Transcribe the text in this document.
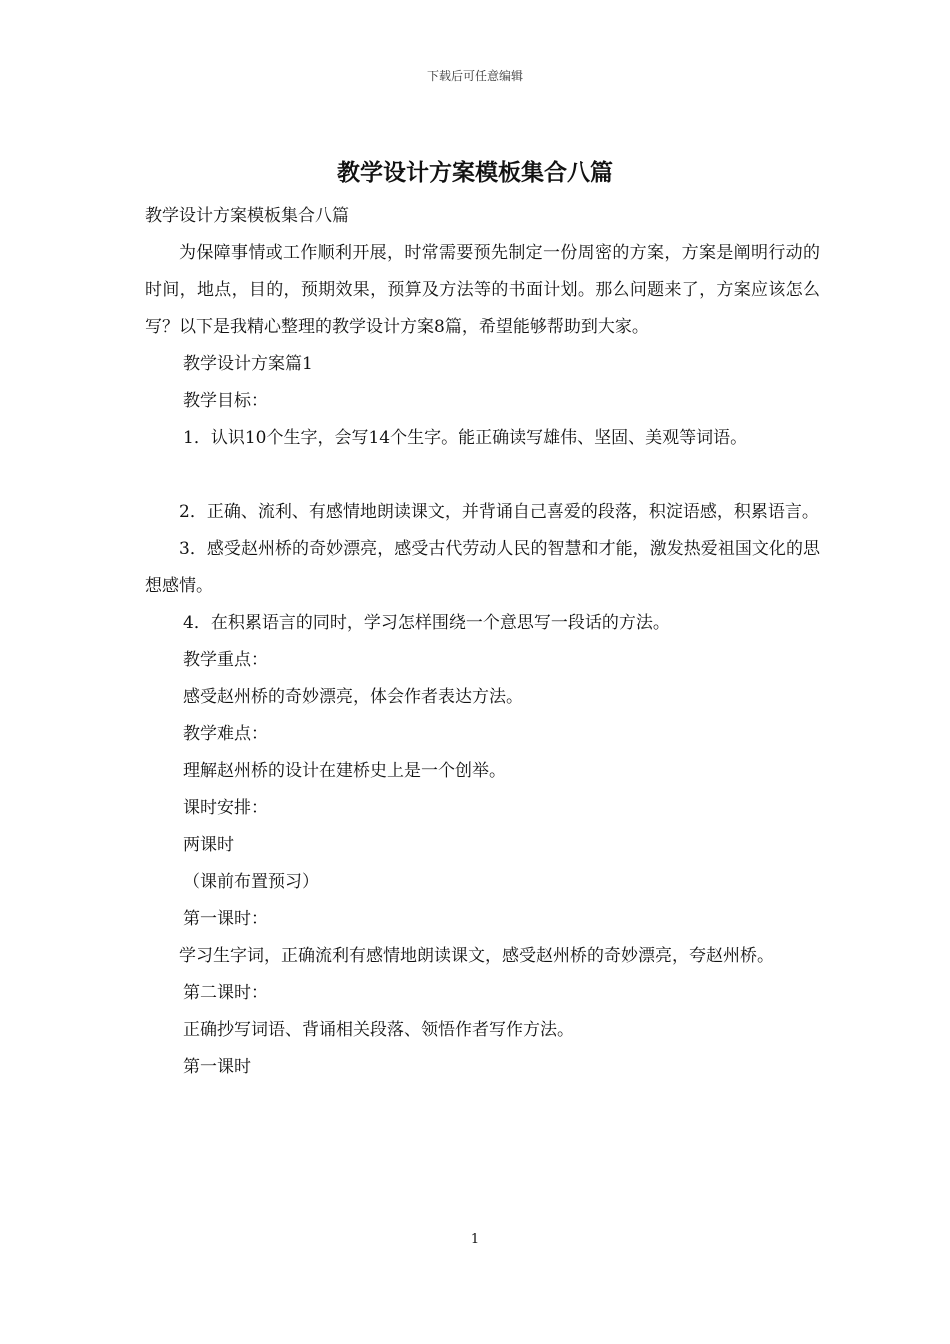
下载后可任意编辑
教学设计方案模板集合八篇

教学设计方案模板集合八篇

为保障事情或工作顺利开展，时常需要预先制定一份周密的方案，方案是阐明行动的时间，地点，目的，预期效果，预算及方法等的书面计划。那么问题来了，方案应该怎么写？以下是我精心整理的教学设计方案8篇，希望能够帮助到大家。

教学设计方案篇1

教学目标：

1．认识10个生字，会写14个生字。能正确读写雄伟、坚固、美观等词语。

2．正确、流利、有感情地朗读课文，并背诵自己喜爱的段落，积淀语感，积累语言。

3．感受赵州桥的奇妙漂亮，感受古代劳动人民的智慧和才能，激发热爱祖国文化的思想感情。

4．在积累语言的同时，学习怎样围绕一个意思写一段话的方法。

教学重点：

感受赵州桥的奇妙漂亮，体会作者表达方法。

教学难点：

理解赵州桥的设计在建桥史上是一个创举。

课时安排：

两课时

（课前布置预习）

第一课时：

学习生字词，正确流利有感情地朗读课文，感受赵州桥的奇妙漂亮，夸赵州桥。

第二课时：

正确抄写词语、背诵相关段落、领悟作者写作方法。

第一课时

1
